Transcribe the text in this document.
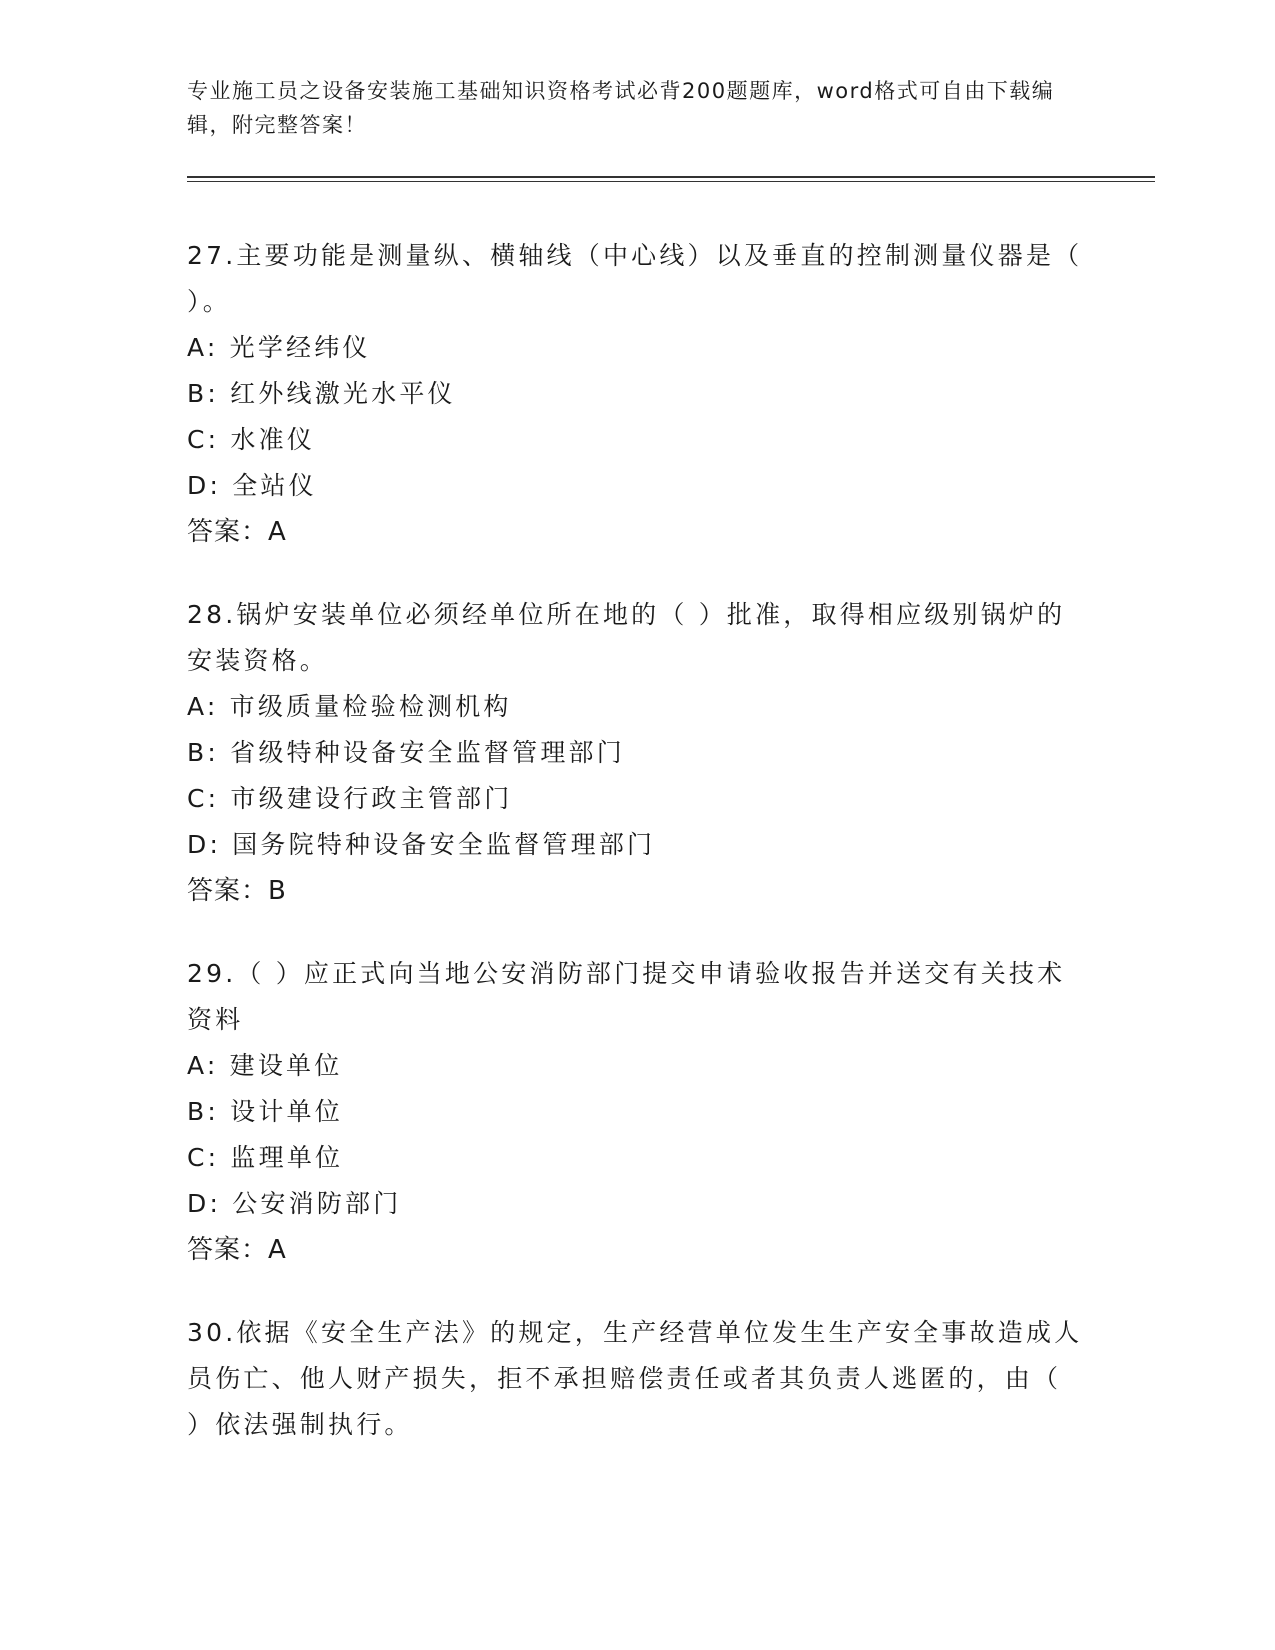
专业施工员之设备安装施工基础知识资格考试必背200题题库，word格式可自由下载编辑，附完整答案！
27.主要功能是测量纵、横轴线（中心线）以及垂直的控制测量仪器是（ ）。
A: 光学经纬仪
B: 红外线激光水平仪
C: 水准仪
D: 全站仪
答案：A
28.锅炉安装单位必须经单位所在地的（ ）批准，取得相应级别锅炉的安装资格。
A: 市级质量检验检测机构
B: 省级特种设备安全监督管理部门
C: 市级建设行政主管部门
D: 国务院特种设备安全监督管理部门
答案：B
29.（ ）应正式向当地公安消防部门提交申请验收报告并送交有关技术资料
A: 建设单位
B: 设计单位
C: 监理单位
D: 公安消防部门
答案：A
30.依据《安全生产法》的规定，生产经营单位发生生产安全事故造成人员伤亡、他人财产损失，拒不承担赔偿责任或者其负责人逃匿的，由（ ）依法强制执行。
